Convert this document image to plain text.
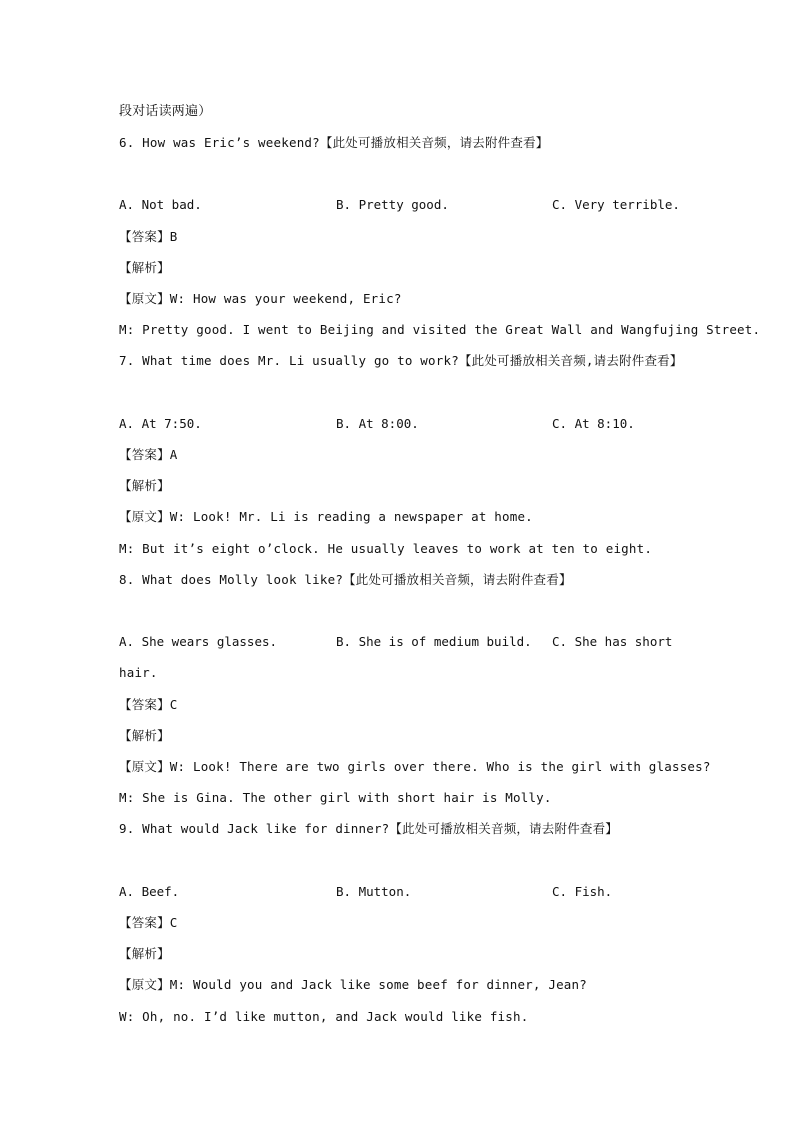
段对话读两遍）
6. How was Eric’s weekend?【此处可播放相关音频，请去附件查看】
A. Not bad.	B. Pretty good.	C. Very terrible.
【答案】B
【解析】
【原文】W: How was your weekend, Eric?
M: Pretty good. I went to Beijing and visited the Great Wall and Wangfujing Street.
7. What time does Mr. Li usually go to work?【此处可播放相关音频,请去附件查看】
A. At 7:50.	B. At 8:00.	C. At 8:10.
【答案】A
【解析】
【原文】W: Look! Mr. Li is reading a newspaper at home.
M: But it’s eight o’clock. He usually leaves to work at ten to eight.
8. What does Molly look like?【此处可播放相关音频，请去附件查看】
A. She wears glasses.	B. She is of medium build. C. She has short
hair.
【答案】C
【解析】
【原文】W: Look! There are two girls over there. Who is the girl with glasses?
M: She is Gina. The other girl with short hair is Molly.
9. What would Jack like for dinner?【此处可播放相关音频，请去附件查看】
A. Beef.	B. Mutton.	C. Fish.
【答案】C
【解析】
【原文】M: Would you and Jack like some beef for dinner, Jean?
W: Oh, no. I’d like mutton, and Jack would like fish.
